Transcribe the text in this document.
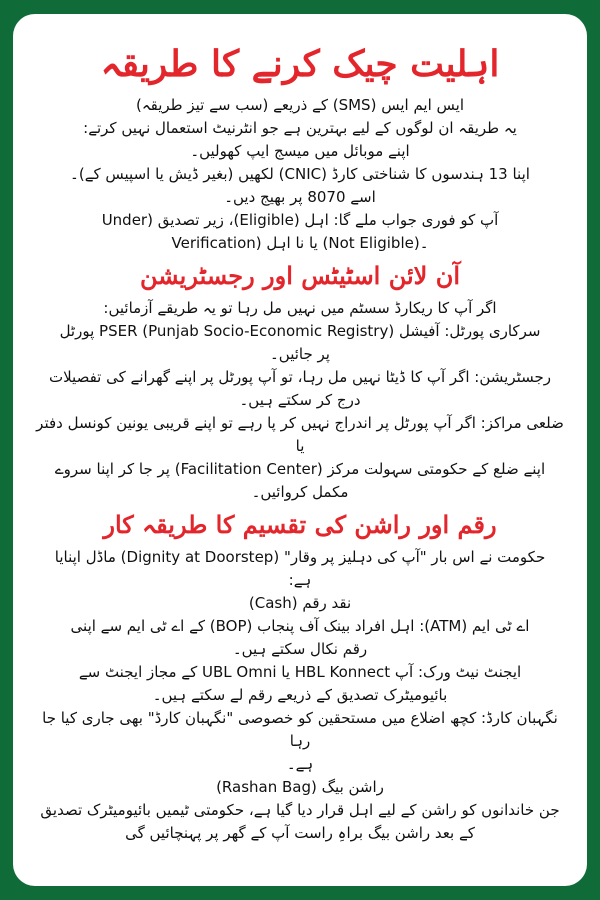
اہلیت چیک کرنے کا طریقہ

ایس ایم ایس (SMS) کے ذریعے (سب سے تیز طریقہ)

یہ طریقہ ان لوگوں کے لیے بہترین ہے جو انٹرنیٹ استعمال نہیں کرتے:

اپنے موبائل میں میسج ایپ کھولیں۔

اپنا 13 ہندسوں کا شناختی کارڈ (CNIC) لکھیں (بغیر ڈیش یا اسپیس کے)۔

اسے 8070 پر بھیج دیں۔

آپ کو فوری جواب ملے گا: اہل (Eligible)، زیر تصدیق (Under

Verification) یا نا اہل (Not Eligible)۔

آن لائن اسٹیٹس اور رجسٹریشن

اگر آپ کا ریکارڈ سسٹم میں نہیں مل رہا تو یہ طریقے آزمائیں:

سرکاری پورٹل: آفیشل PSER (Punjab Socio-Economic Registry) پورٹل

پر جائیں۔

رجسٹریشن: اگر آپ کا ڈیٹا نہیں مل رہا، تو آپ پورٹل پر اپنے گھرانے کی تفصیلات

درج کر سکتے ہیں۔

ضلعی مراکز: اگر آپ پورٹل پر اندراج نہیں کر پا رہے تو اپنے قریبی یونین کونسل دفتر یا

اپنے ضلع کے حکومتی سہولت مرکز (Facilitation Center) پر جا کر اپنا سروے

مکمل کروائیں۔

رقم اور راشن کی تقسیم کا طریقہ کار

حکومت نے اس بار "آپ کی دہلیز پر وقار" (Dignity at Doorstep) ماڈل اپنایا

ہے:

نقد رقم (Cash)

اے ٹی ایم (ATM): اہل افراد بینک آف پنجاب (BOP) کے اے ٹی ایم سے اپنی

رقم نکال سکتے ہیں۔

ایجنٹ نیٹ ورک: آپ HBL Konnect یا UBL Omni کے مجاز ایجنٹ سے

بائیومیٹرک تصدیق کے ذریعے رقم لے سکتے ہیں۔

نگہبان کارڈ: کچھ اضلاع میں مستحقین کو خصوصی "نگہبان کارڈ" بھی جاری کیا جا رہا

ہے۔

راشن بیگ (Rashan Bag)

جن خاندانوں کو راشن کے لیے اہل قرار دیا گیا ہے، حکومتی ٹیمیں بائیومیٹرک تصدیق

کے بعد راشن بیگ براہِ راست آپ کے گھر پر پہنچائیں گی
